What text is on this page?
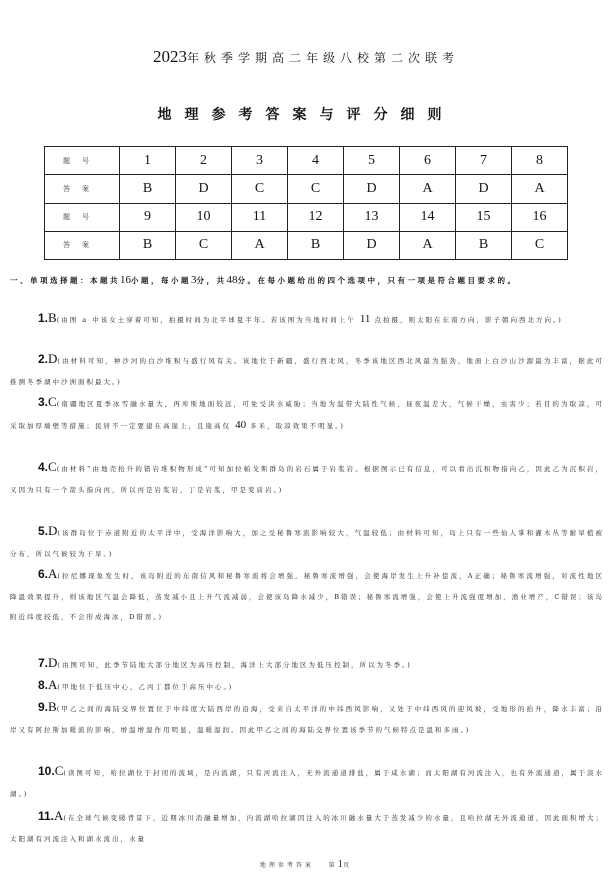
2023年秋季学期高二年级八校第二次联考
地理参考答案与评分细则
题号	1	2	3	4	5	6	7	8
答案	B	D	C	C	D	A	D	A
题号	9	10	11	12	13	14	15	16
答案	B	C	A	B	D	A	B	C
一、单项选择题：本题共16小题，每小题3分，共48分。在每小题给出的四个选项中，只有一项是符合题目要求的。
1.B(由图 a 中该女士穿着可知，拍摄时间为北半球夏半年。若该图为当地时间上午 11 点拍摄，则太阳在东南方向，影子朝向西北方向。)
2.D(由材料可知，神沙河的白沙堆积与盛行风有关。该地位于新疆，盛行西北风，冬季该地区西北风最为强劲，地面上白沙山沙源最为丰富，据此可推测冬季湖中沙洲面积最大。)
3.C(南疆地区夏季冰雪融水量大，再库斯地面较远，可免受洪水威胁；当地为温带大陆性气候，昼夜温差大，气候干燥，虫害少；若目的为取凉，可采取加厚墙壁等措施；民居不一定要建在高崖上，且崖高仅 40 多米，取凉效果不明显。)
4.C(由材料“由地壳抬升的错岩堆积物形成”可知加拉帕戈斯群岛的岩石属于岩浆岩。根据图示已有信息，可以看出沉积物指向乙，因此乙为沉积岩，又因为只有一个箭头指向丙，所以丙是岩浆岩，丁是岩浆，甲是变质岩。)
5.D(该群岛位于赤道附近的太平洋中，受海洋影响大，加之受秘鲁寒流影响较大，气温较低；由材料可知，岛上只有一些仙人掌和灌木丛等耐旱植被分布，所以气候较为干旱。)
6.A(拉尼娜现象发生时，该岛附近的东南信风和秘鲁寒流将会增强。秘鲁寒流增强，会使海岸发生上升补偿流，A正确；秘鲁寒流增强，对流性地区降温效果提升，则该地区气温会降低，蒸发减小且上升气流减弱，会使该岛降水减少，B错误；秘鲁寒流增强，会使上升流强度增加，渔业增产，C错误；该岛附近纬度较低，不会形成海冰，D错误。)
7.D(由图可知，此季节陆地大部分地区为高压控制，海洋上大部分地区为低压控制，所以为冬季。)
8.A(甲地位于低压中心，乙丙丁都位于高压中心。)
9.B(甲乙之间的海陆交界位置位于中纬度大陆西岸的沿海，受来自太平洋的中纬西风影响，又处于中纬西风的迎风坡，受地形的抬升，降水丰富；沿岸又有阿拉斯加暖流的影响，增温增湿作用明显，温暖湿润。因此甲乙之间的海陆交界位置该季节的气候特点是温和多雨。)
10.C(读图可知，哈拉湖位于封闭的流域，是内流湖，只有河流注入，无外流通道排盐，属于咸水湖；而太阳湖有河流注入，也有外流通道，属于淡水湖。)
11.A(在全球气候变暖背景下，近期冰川消融量增加，内流湖哈拉湖因注入的冰川融水量大于蒸发减少的水量，且哈拉湖无外流通道，因此面积增大；太阳湖有河流注入和湖水流出，水量
地理参考答案 第1页
